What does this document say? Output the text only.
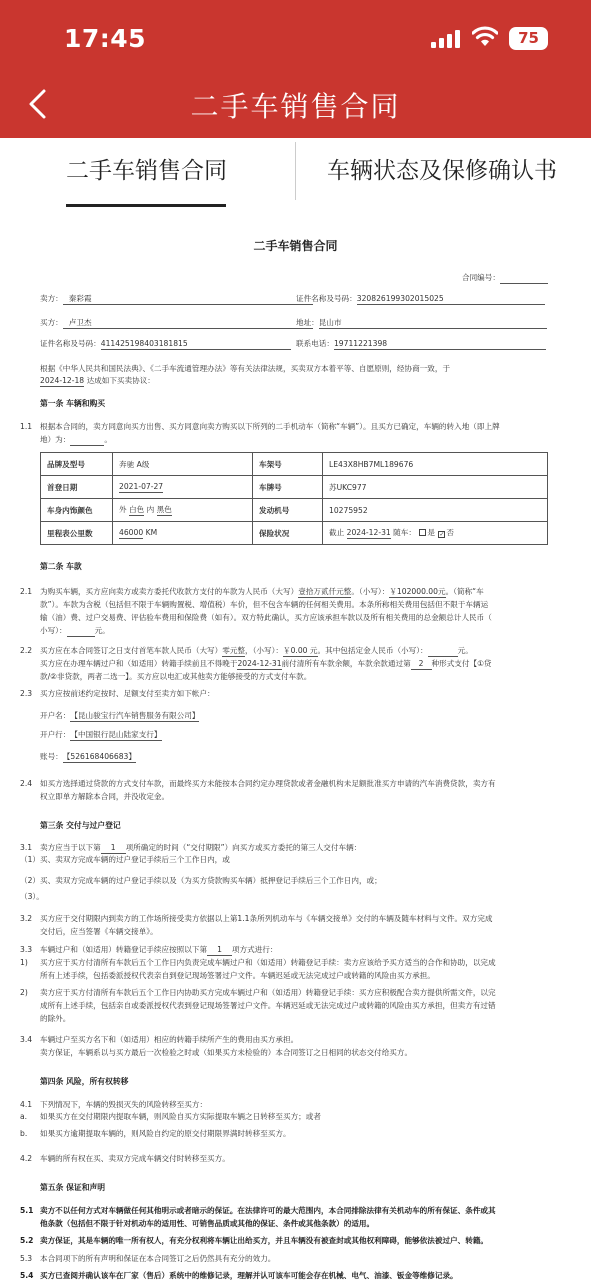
17:45	75
二手车销售合同
二手车销售合同	车辆状态及保修确认书
二手车销售合同
合同编号：
卖方： 秦彩霞	证件名称及号码：320826199302015025
买方： 卢卫杰	地址：昆山市
证件名称及号码：411425198403181815	联系电话：19711221398
根据《中华人民共和国民法典》、《二手车流通管理办法》等有关法律法规，买卖双方本着平等、自愿原则，经协商一致，于
2024-12-18 达成如下买卖协议：
第一条 车辆和购买
1.1 根据本合同的，卖方同意向买方出售、买方同意向卖方购买以下所列的二手机动车（简称“车辆”）。且买方已确定，车辆的转入地（即上牌
地）为：	。
品牌及型号	奔驰 A级	车架号	LE43X8HB7ML189676
首登日期	2021-07-27	车牌号	苏UKC977
车身内饰颜色	外 白色 内 黑色	发动机号	10275952
里程表公里数	46000 KM	保险状况	截止 2024-12-31 随车： 是 ✓ 否
第二条 车款
2.1 为购买车辆，买方应向卖方或卖方委托代收款方支付的车款为人民币（大写）壹拾万贰仟元整。（小写）：￥102000.00元。（简称“车
款”）。车款为含税（包括但不限于车辆购置税、增值税）车价，但不包含车辆的任何相关费用。本条所称相关费用包括但不限于车辆运
输（油）费、过户交易费、评估验车费用和保险费（如有）。双方特此确认，买方应该承担车款以及所有相关费用的总金额总计人民币（
小写）：	元。
2.2 买方应在本合同签订之日支付首笔车款人民币（大写）零元整，（小写）：￥0.00 元。其中包括定金人民币（小写）：	元。
买方应在办理车辆过户和（如适用）转籍手续前且不得晚于2024-12-31前付清所有车款余额，车款余款通过第 2 种形式支付【①贷
款/②非贷款，两者二选一】。买方应以电汇或其他卖方能够接受的方式支付车款。
2.3 买方应按前述约定按时、足额支付至卖方如下帐户：
开户名：【昆山骏宝行汽车销售服务有限公司】
开户行：【中国银行昆山陆家支行】
账号：【526168406683】
2.4 如买方选择通过贷款的方式支付车款，而最终买方未能按本合同约定办理贷款或者金融机构未足额批准买方申请的汽车消费贷款，卖方有
权立即单方解除本合同，并没收定金。
第三条 交付与过户登记
3.1 卖方应当于以下第 1 项所确定的时间（“交付期限”）向买方或买方委托的第三人交付车辆：
（1）买、卖双方完成车辆的过户登记手续后三个工作日内，或
（2）买、卖双方完成车辆的过户登记手续以及（为买方贷款购买车辆）抵押登记手续后三个工作日内，或；
（3）。
3.2 买方应于交付期限内到卖方的工作场所接受卖方依据以上第1.1条所列机动车与《车辆交接单》交付的车辆及随车材料与文件。双方完成
交付后，应当签署《车辆交接单》。
3.3 车辆过户和（如适用）转籍登记手续应按照以下第 1 项方式进行：
1) 买方应于买方付清所有车款后五个工作日内负责完成车辆过户和（如适用）转籍登记手续：卖方应该给予买方适当的合作和协助，以完成
所有上述手续，包括委派授权代表亲自到登记现场签署过户文件。车辆迟延或无法完成过户或转籍的风险由买方承担。
2) 卖方应于买方付清所有车款后五个工作日内协助买方完成车辆过户和（如适用）转籍登记手续：买方应积极配合卖方提供所需文件，以完
成所有上述手续，包括亲自或委派授权代表到登记现场签署过户文件。车辆迟延或无法完成过户或转籍的风险由买方承担，但卖方有过错
的除外。
3.4 车辆过户至买方名下和（如适用）相应的转籍手续所产生的费用由买方承担。
卖方保证，车辆系以与买方最后一次检验之时或（如果买方未检验的）本合同签订之日相同的状态交付给买方。
第四条 风险，所有权转移
4.1 下列情况下，车辆的毁损灭失的风险转移至买方：
a. 如果买方在交付期限内提取车辆，则风险自买方实际提取车辆之日转移至买方；或者
b. 如果买方逾期提取车辆的，则风险自约定的原交付期限界满时转移至买方。
4.2 车辆的所有权在买、卖双方完成车辆交付时转移至买方。
第五条 保证和声明
5.1 卖方不以任何方式对车辆做任何其他明示或者暗示的保证。在法律许可的最大范围内，本合同排除法律有关机动车的所有保证、条件或其
他条款（包括但不限于针对机动车的适用性、可销售品质或其他的保证、条件或其他条款）的适用。
5.2 卖方保证，其是车辆的唯一所有权人，有充分权利将车辆让出给买方，并且车辆没有被查封或其他权利障碍，能够依法被过户、转籍。
5.3 本合同项下的所有声明和保证在本合同签订之后仍然具有充分的效力。
5.4 买方已查阅并确认该车在厂家（售后）系统中的维修记录，理解并认可该车可能会存在机械、电气、油漆、钣金等维修记录。
